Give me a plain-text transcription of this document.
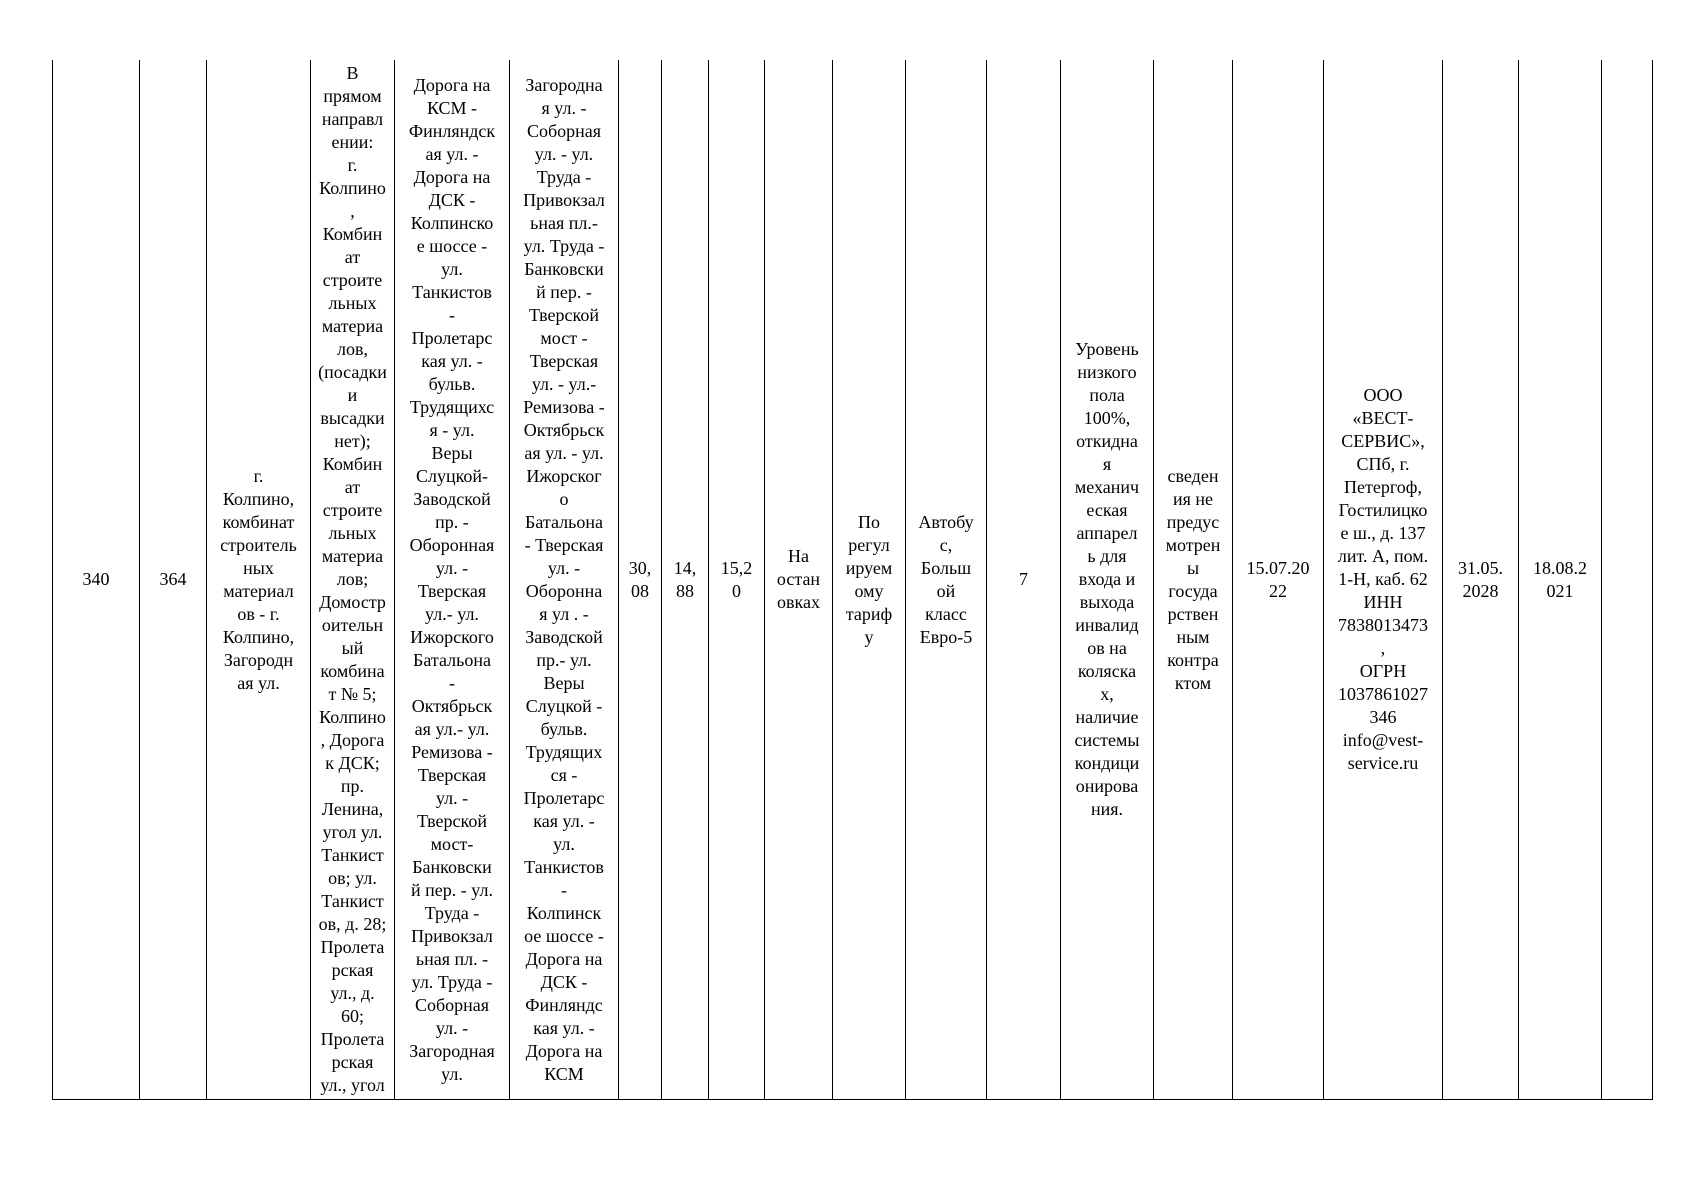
340	364	г.
Колпино,
комбинат
строитель
ных
материал
ов - г.
Колпино,
Загородн
ая ул.	В
прямом
направл
ении:
г.
Колпино
,
Комбин
ат
строите
льных
материа
лов,
(посадки
и
высадки
нет);
Комбин
ат
строите
льных
материа
лов;
Домостр
оительн
ый
комбина
т № 5;
Колпино
, Дорога
к ДСК;
пр.
Ленина,
угол ул.
Танкист
ов; ул.
Танкист
ов, д. 28;
Пролета
рская
ул., д.
60;
Пролета
рская
ул., угол	Дорога на
КСМ -
Финляндск
ая ул. -
Дорога на
ДСК -
Колпинско
е шоссе -
ул.
Танкистов
-
Пролетарс
кая ул. -
бульв.
Трудящихс
я - ул.
Веры
Слуцкой-
Заводской
пр. -
Оборонная
ул. -
Тверская
ул.- ул.
Ижорского
Батальона
-
Октябрьск
ая ул.- ул.
Ремизова -
Тверская
ул. -
Тверской
мост-
Банковски
й пер. - ул.
Труда -
Привокзал
ьная пл. -
ул. Труда -
Соборная
ул. -
Загородная
ул.	Загородна
я ул. -
Соборная
ул. - ул.
Труда -
Привокзал
ьная пл.-
ул. Труда -
Банковски
й пер. -
Тверской
мост -
Тверская
ул. - ул.-
Ремизова -
Октябрьск
ая ул. - ул.
Ижорског
о
Батальона
- Тверская
ул. -
Оборонна
я ул . -
Заводской
пр.- ул.
Веры
Слуцкой -
бульв.
Трудящих
ся -
Пролетарс
кая ул. -
ул.
Танкистов
-
Колпинск
ое шоссе -
Дорога на
ДСК -
Финляндс
кая ул. -
Дорога на
КСМ	30,
08	14,
88	15,2
0	На
остан
овках	По
регул
ируем
ому
тариф
у	Автобу
с,
Больш
ой
класс
Евро-5	7	Уровень
низкого
пола
100%,
откидна
я
механич
еская
аппарел
ь для
входа и
выхода
инвалид
ов на
коляска
х,
наличие
системы
кондици
онирова
ния.	сведен
ия не
предус
мотрен
ы
госуда
рствен
ным
контра
ктом	15.07.20
22	ООО
«ВЕСТ-
СЕРВИС»,
СПб, г.
Петергоф,
Гостилицко
е ш., д. 137
лит. А, пом.
1-Н, каб. 62
ИНН
7838013473
,
ОГРН
1037861027
346
info@vest-
service.ru	31.05.
2028	18.08.2
021	
